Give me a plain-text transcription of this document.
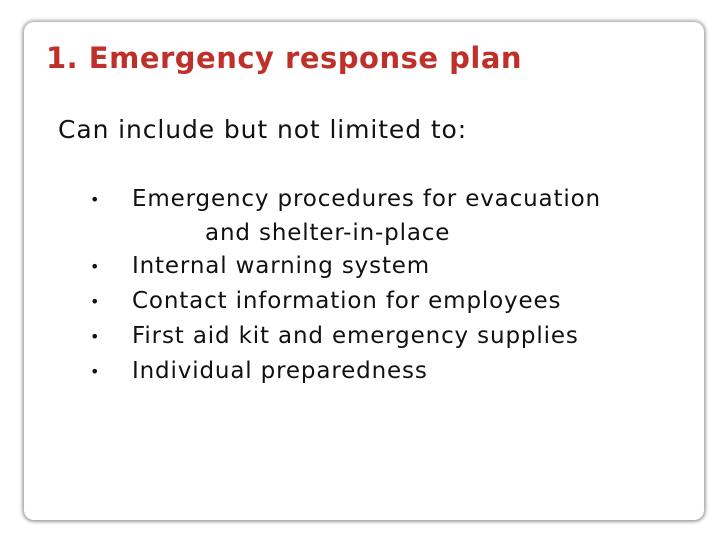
1. Emergency response plan

Can include but not limited to:

• Emergency procedures for evacuation
and shelter-in-place
• Internal warning system
• Contact information for employees
• First aid kit and emergency supplies
• Individual preparedness
